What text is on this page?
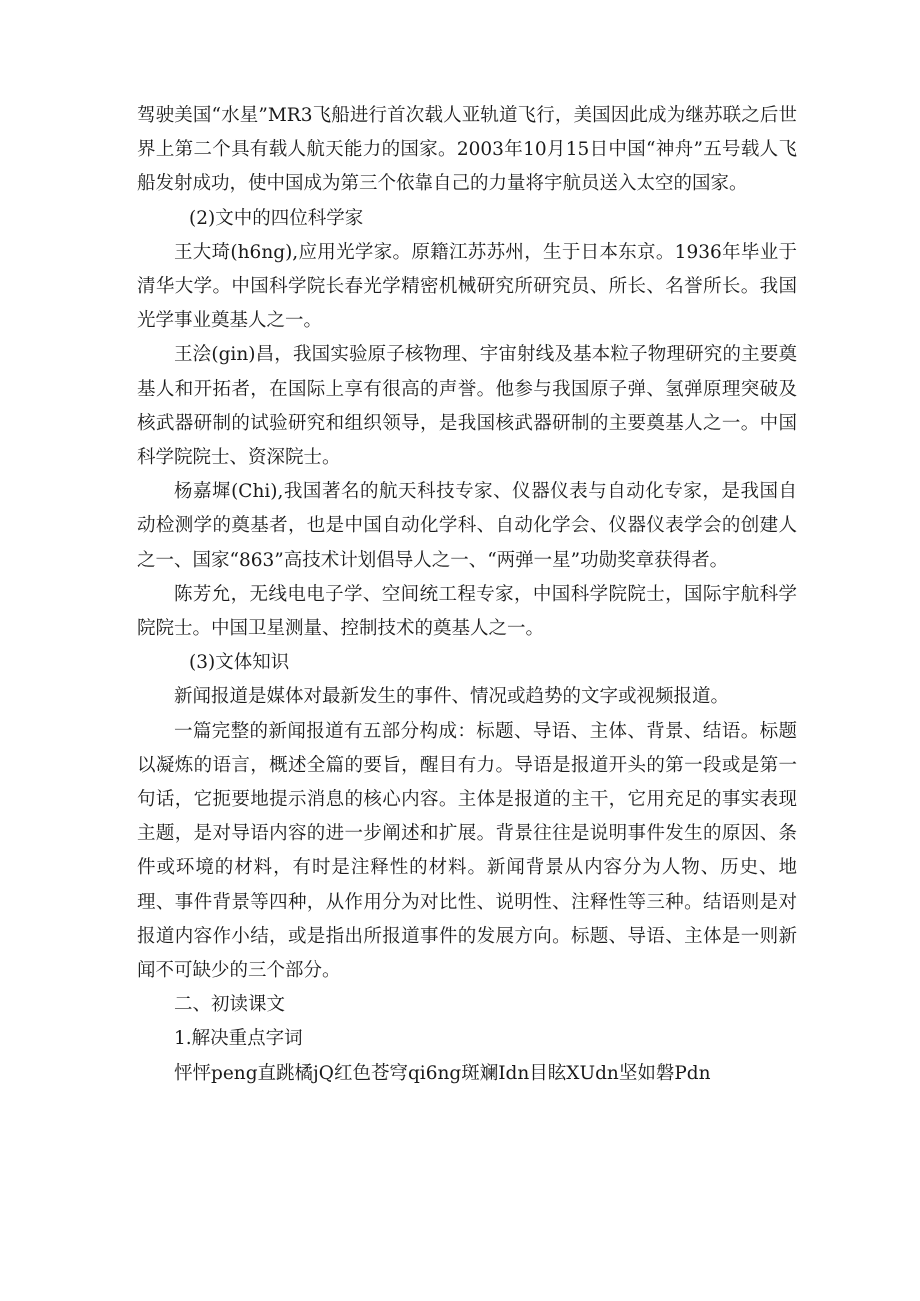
驾驶美国“水星”MR3飞船进行首次载人亚轨道飞行，美国因此成为继苏联之后世界上第二个具有载人航天能力的国家。2003年10月15日中国“神舟”五号载人飞船发射成功，使中国成为第三个依靠自己的力量将宇航员送入太空的国家。

(2)文中的四位科学家

王大琦(h6ng),应用光学家。原籍江苏苏州，生于日本东京。1936年毕业于清华大学。中国科学院长春光学精密机械研究所研究员、所长、名誉所长。我国光学事业奠基人之一。

王浍(gin)昌，我国实验原子核物理、宇宙射线及基本粒子物理研究的主要奠基人和开拓者，在国际上享有很高的声誉。他参与我国原子弹、氢弹原理突破及核武器研制的试验研究和组织领导，是我国核武器研制的主要奠基人之一。中国科学院院士、资深院士。

杨嘉墀(Chi),我国著名的航天科技专家、仪器仪表与自动化专家，是我国自动检测学的奠基者，也是中国自动化学科、自动化学会、仪器仪表学会的创建人之一、国家“863”高技术计划倡导人之一、“两弹一星”功勋奖章获得者。

陈芳允，无线电电子学、空间统工程专家，中国科学院院士，国际宇航科学院院士。中国卫星测量、控制技术的奠基人之一。

(3)文体知识

新闻报道是媒体对最新发生的事件、情况或趋势的文字或视频报道。

一篇完整的新闻报道有五部分构成：标题、导语、主体、背景、结语。标题以凝炼的语言，概述全篇的要旨，醒目有力。导语是报道开头的第一段或是第一句话，它扼要地提示消息的核心内容。主体是报道的主干，它用充足的事实表现主题，是对导语内容的进一步阐述和扩展。背景往往是说明事件发生的原因、条件或环境的材料，有时是注释性的材料。新闻背景从内容分为人物、历史、地理、事件背景等四种，从作用分为对比性、说明性、注释性等三种。结语则是对报道内容作小结，或是指出所报道事件的发展方向。标题、导语、主体是一则新闻不可缺少的三个部分。

二、初读课文

1.解决重点字词

怦怦peng直跳橘jQ红色苍穹qi6ng斑斓Idn目眩XUdn坚如磐Pdn
